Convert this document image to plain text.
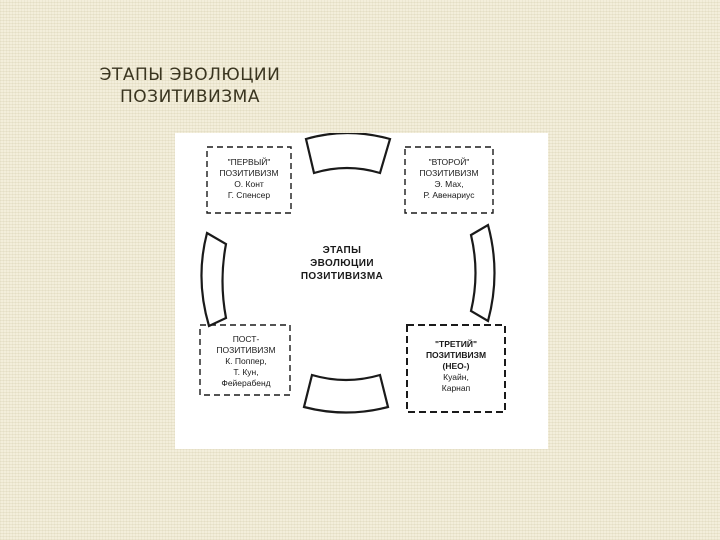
ЭТАПЫ ЭВОЛЮЦИИ
ПОЗИТИВИЗМА
ЭТАПЫ
ЭВОЛЮЦИИ
ПОЗИТИВИЗМА
"ПЕРВЫЙ"
ПОЗИТИВИЗМ
О. Конт
Г. Спенсер
"ВТОРОЙ"
ПОЗИТИВИЗМ
Э. Мах,
Р. Авенариус
"ТРЕТИЙ"
ПОЗИТИВИЗМ
(НЕО-)
Куайн,
Карнап
ПОСТ-
ПОЗИТИВИЗМ
К. Поппер,
Т. Кун,
Фейерабенд
